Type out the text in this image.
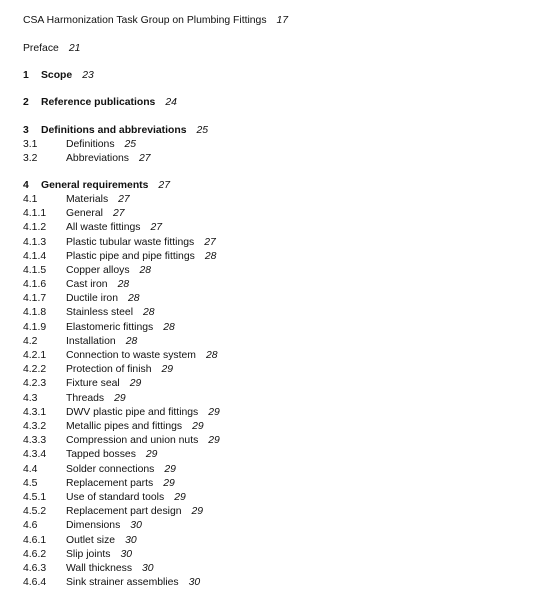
CSA Harmonization Task Group on Plumbing Fittings 17
Preface 21
1 Scope 23
2 Reference publications 24
3 Definitions and abbreviations 25
3.1	Definitions 25
3.2	Abbreviations 27
4 General requirements 27
4.1	Materials 27
4.1.1 General 27
4.1.2 All waste fittings 27
4.1.3 Plastic tubular waste fittings 27
4.1.4 Plastic pipe and pipe fittings 28
4.1.5 Copper alloys 28
4.1.6 Cast iron 28
4.1.7 Ductile iron 28
4.1.8 Stainless steel 28
4.1.9 Elastomeric fittings 28
4.2	Installation 28
4.2.1 Connection to waste system 28
4.2.2 Protection of finish 29
4.2.3 Fixture seal 29
4.3	Threads 29
4.3.1 DWV plastic pipe and fittings 29
4.3.2 Metallic pipes and fittings 29
4.3.3 Compression and union nuts 29
4.3.4 Tapped bosses 29
4.4	Solder connections 29
4.5	Replacement parts 29
4.5.1 Use of standard tools 29
4.5.2 Replacement part design 29
4.6	Dimensions 30
4.6.1 Outlet size 30
4.6.2 Slip joints 30
4.6.3 Wall thickness 30
4.6.4 Sink strainer assemblies 30
